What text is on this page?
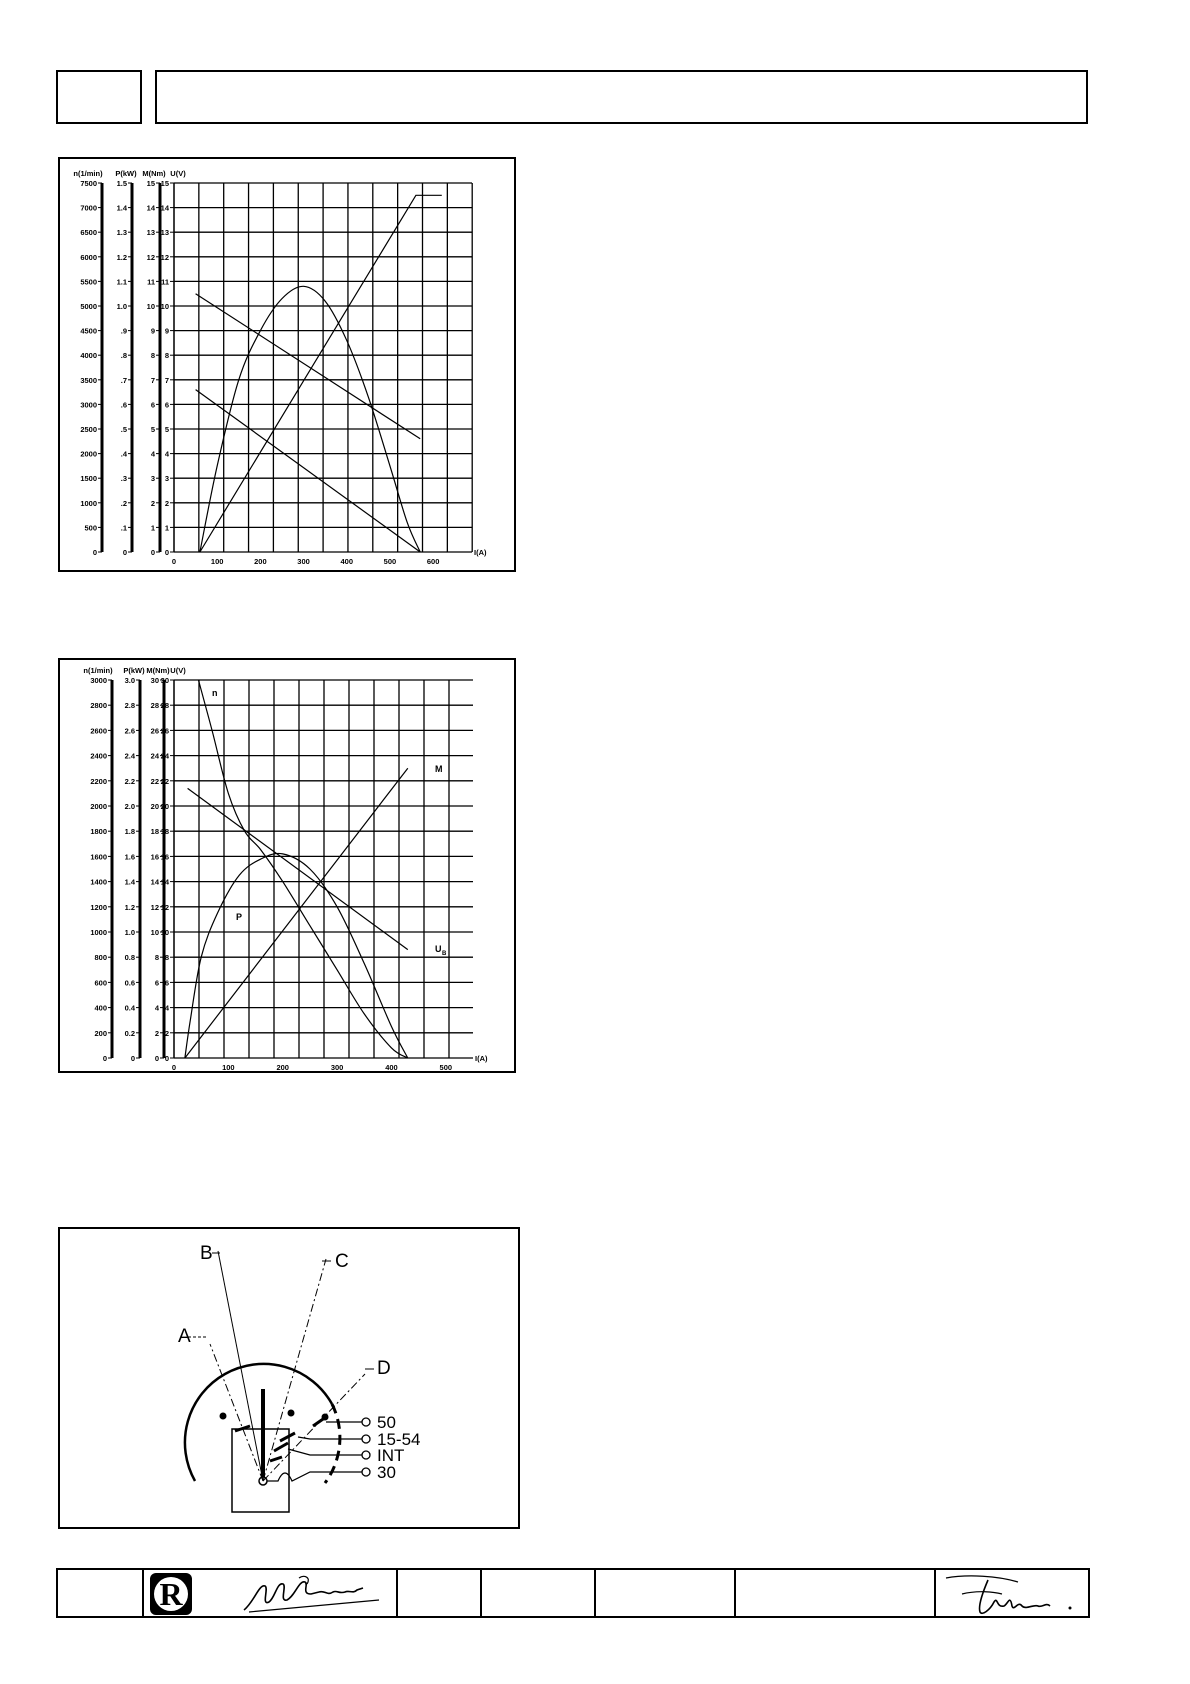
0
500
1000
1500
2000
2500
3000
3500
4000
4500
5000
5500
6000
6500
7000
7500
0
.1
.2
.3
.4
.5
.6
.7
.8
.9
1.0
1.1
1.2
1.3
1.4
1.5
0
1
2
3
4
5
6
7
8
9
10
11
12
13
14
15
0
1
2
3
4
5
6
7
8
9
10
11
12
13
14
15
n(1/min) P(kW) M(Nm) U(V)
0	100	200	300	400	500	600
I(A)
0
200
400
600
800
1000
1200
1400
1600
1800
2000
2200
2400
2600
2800
3000
0
0.2
0.4
0.6
0.8
1.0
1.2
1.4
1.6
1.8
2.0
2.2
2.4
2.6
2.8
3.0
0
2
4
6
8
10
12
14
16
18
20
22
24
26
28
30
0
2
4
6
8
10
12
14
16
18
20
22
24
26
28
30
n(1/min) P(kW) M(Nm) U(V)
0	100	200	300	400	500
I(A)
n
P
M
U B
A
B	C
D
50
15-54
INT
30
R
